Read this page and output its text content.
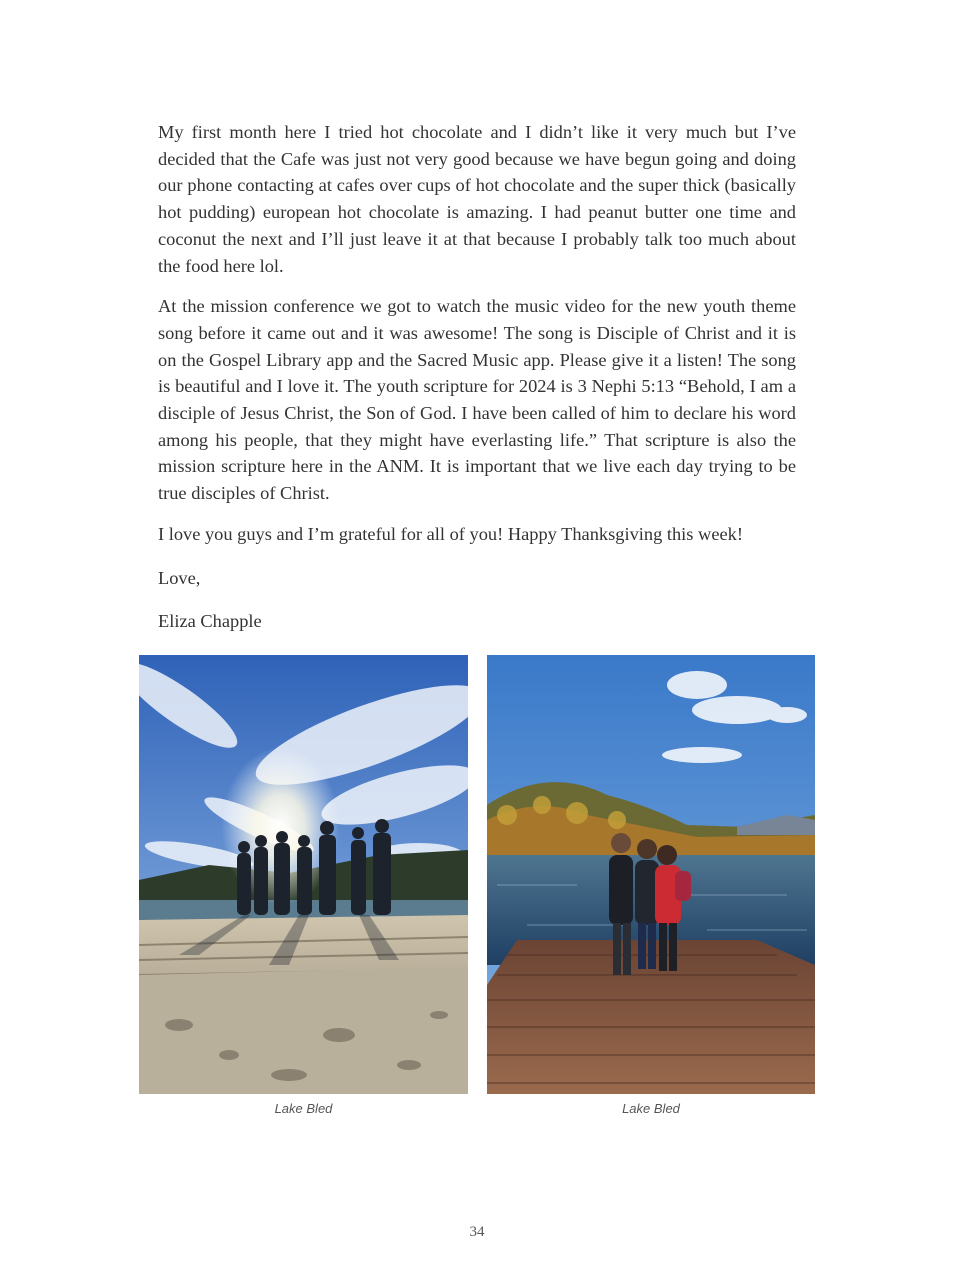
My first month here I tried hot chocolate and I didn’t like it very much but I’ve decided that the Cafe was just not very good because we have begun going and doing our phone contacting at cafes over cups of hot chocolate and the super thick (basically hot pudding) european hot chocolate is amazing. I had peanut butter one time and coconut the next and I’ll just leave it at that because I probably talk too much about the food here lol.

At the mission conference we got to watch the music video for the new youth theme song before it came out and it was awesome! The song is Disciple of Christ and it is on the Gospel Library app and the Sacred Music app. Please give it a listen! The song is beautiful and I love it. The youth scripture for 2024 is 3 Nephi 5:13 “Behold, I am a disciple of Jesus Christ, the Son of God. I have been called of him to declare his word among his people, that they might have everlasting life.” That scripture is also the mission scripture here in the ANM. It is important that we live each day trying to be true disciples of Christ.

I love you guys and I’m grateful for all of you! Happy Thanksgiving this week!

Love,

Eliza Chapple

Lake Bled	Lake Bled
34
